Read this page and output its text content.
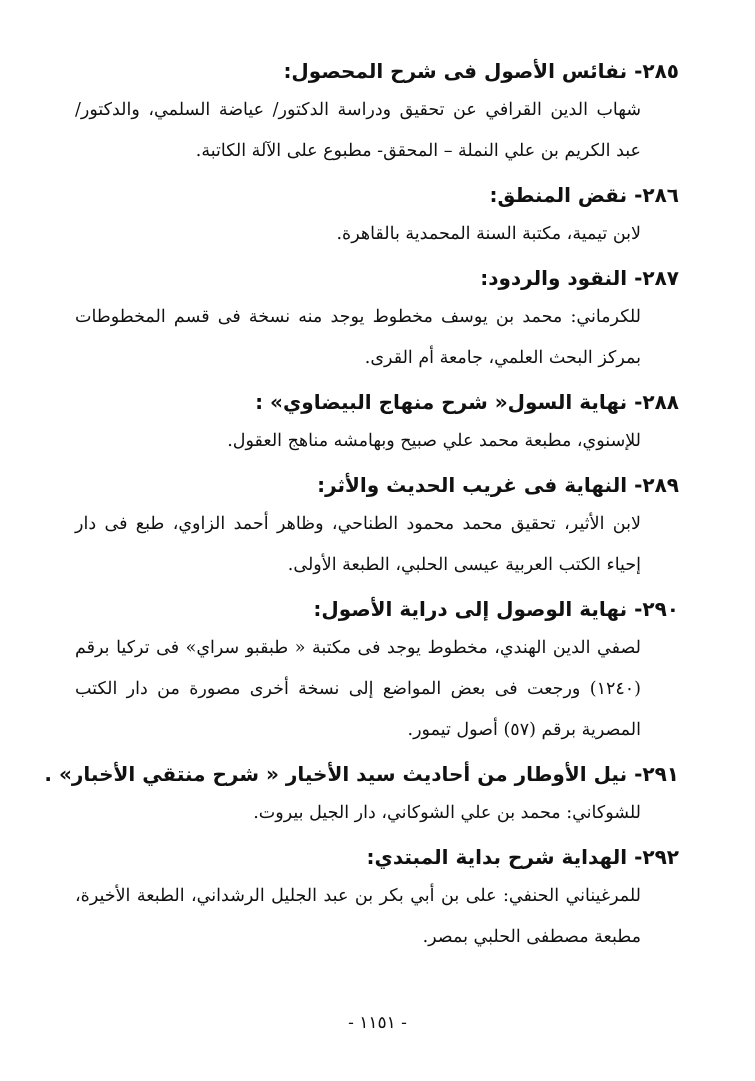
٢٨٥- نفائس الأصول فى شرح المحصول:

شهاب الدين القرافي عن تحقيق ودراسة الدكتور/ عياضة السلمي، والدكتور/ عبد الكريم بن علي النملة – المحقق- مطبوع على الآلة الكاتبة.

٢٨٦- نقض المنطق:

لابن تيمية، مكتبة السنة المحمدية بالقاهرة.

٢٨٧- النقود والردود:

للكرماني: محمد بن يوسف مخطوط يوجد منه نسخة فى قسم المخطوطات بمركز البحث العلمي، جامعة أم القرى.

٢٨٨- نهاية السول« شرح منهاج البيضاوي» :

للإسنوي، مطبعة محمد علي صبيح وبهامشه مناهج العقول.

٢٨٩- النهاية فى غريب الحديث والأثر:

لابن الأثير، تحقيق محمد محمود الطناحي، وظاهر أحمد الزاوي، طبع فى دار إحياء الكتب العربية عيسى الحلبي، الطبعة الأولى.

٢٩٠- نهاية الوصول إلى دراية الأصول:

لصفي الدين الهندي، مخطوط يوجد فى مكتبة « طبقبو سراي» فى تركيا برقم (١٢٤٠) ورجعت فى بعض المواضع إلى نسخة أخرى مصورة من دار الكتب المصرية برقم (٥٧) أصول تيمور.

٢٩١- نيل الأوطار من أحاديث سيد الأخيار « شرح منتقي الأخبار» .

للشوكاني: محمد بن علي الشوكاني، دار الجيل بيروت.

٢٩٢- الهداية شرح بداية المبتدي:

للمرغيناني الحنفي: على بن أبي بكر بن عبد الجليل الرشداني، الطبعة الأخيرة، مطبعة مصطفى الحلبي بمصر.

- ١١٥١ -
